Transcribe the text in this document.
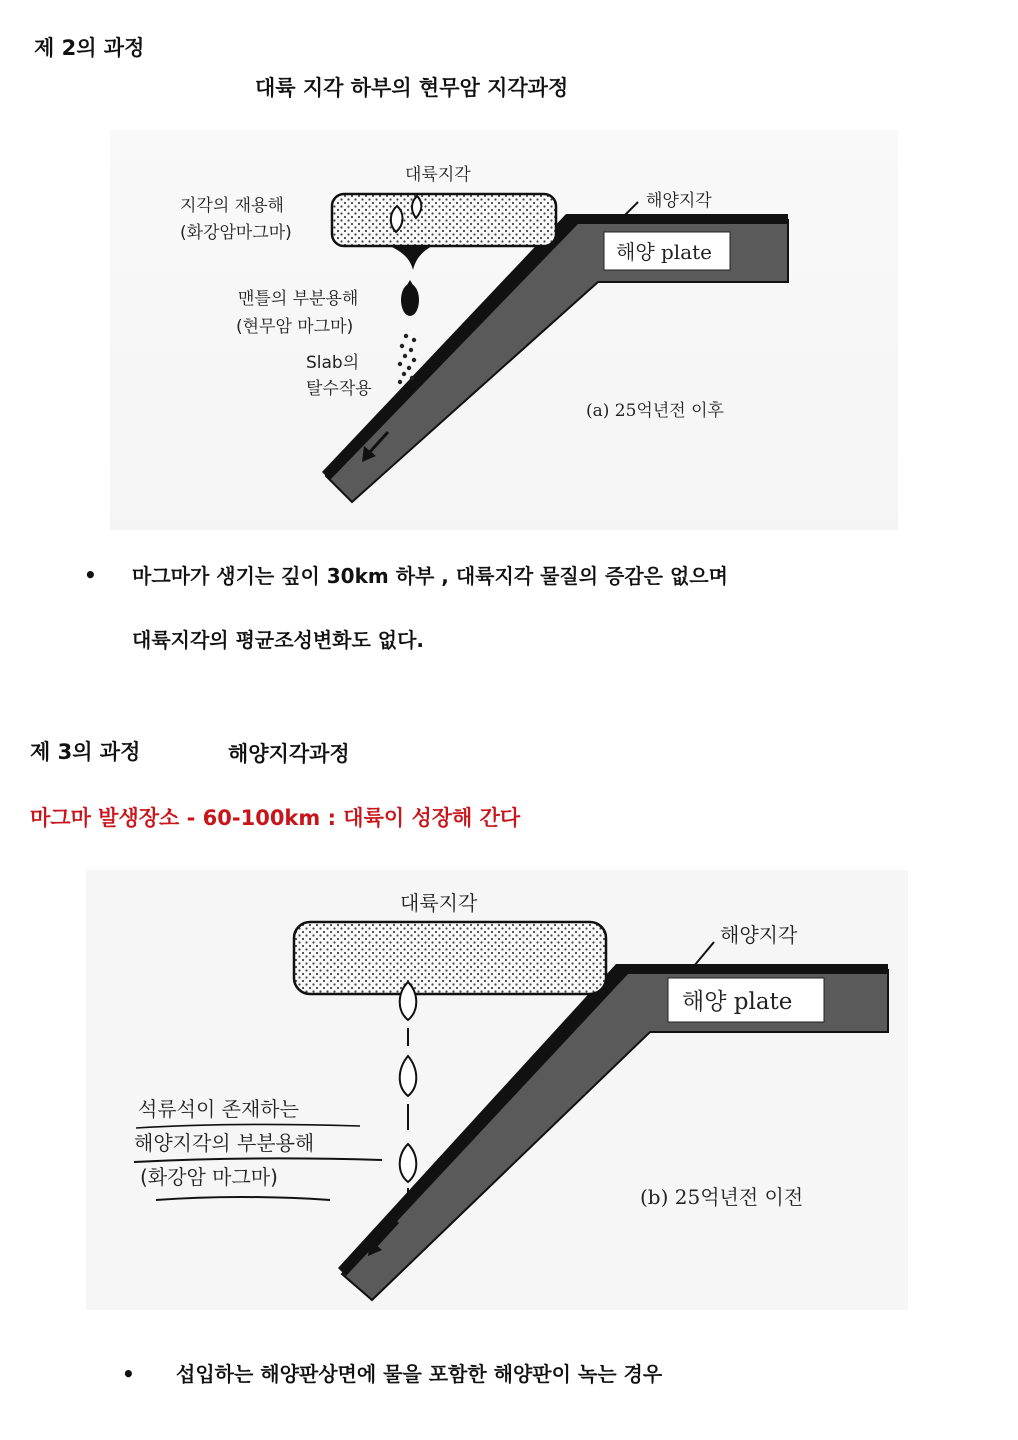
제 2의 과정
대륙 지각 하부의 현무암 지각과정
해양 plate
대륙지각
해양지각
지각의 재용해
(화강암마그마)
맨틀의 부분용해
(현무암 마그마)
Slab의
탈수작용
(a) 25억년전 이후
• 마그마가 생기는 깊이 30km 하부 , 대륙지각 물질의 증감은 없으며
대륙지각의 평균조성변화도 없다.
제 3의 과정	해양지각과정
마그마 발생장소 - 60-100km : 대륙이 성장해 간다
해양 plate
대륙지각
해양지각
석류석이 존재하는
해양지각의 부분용해
(화강암 마그마)
(b) 25억년전 이전
• 섭입하는 해양판상면에 물을 포함한 해양판이 녹는 경우
